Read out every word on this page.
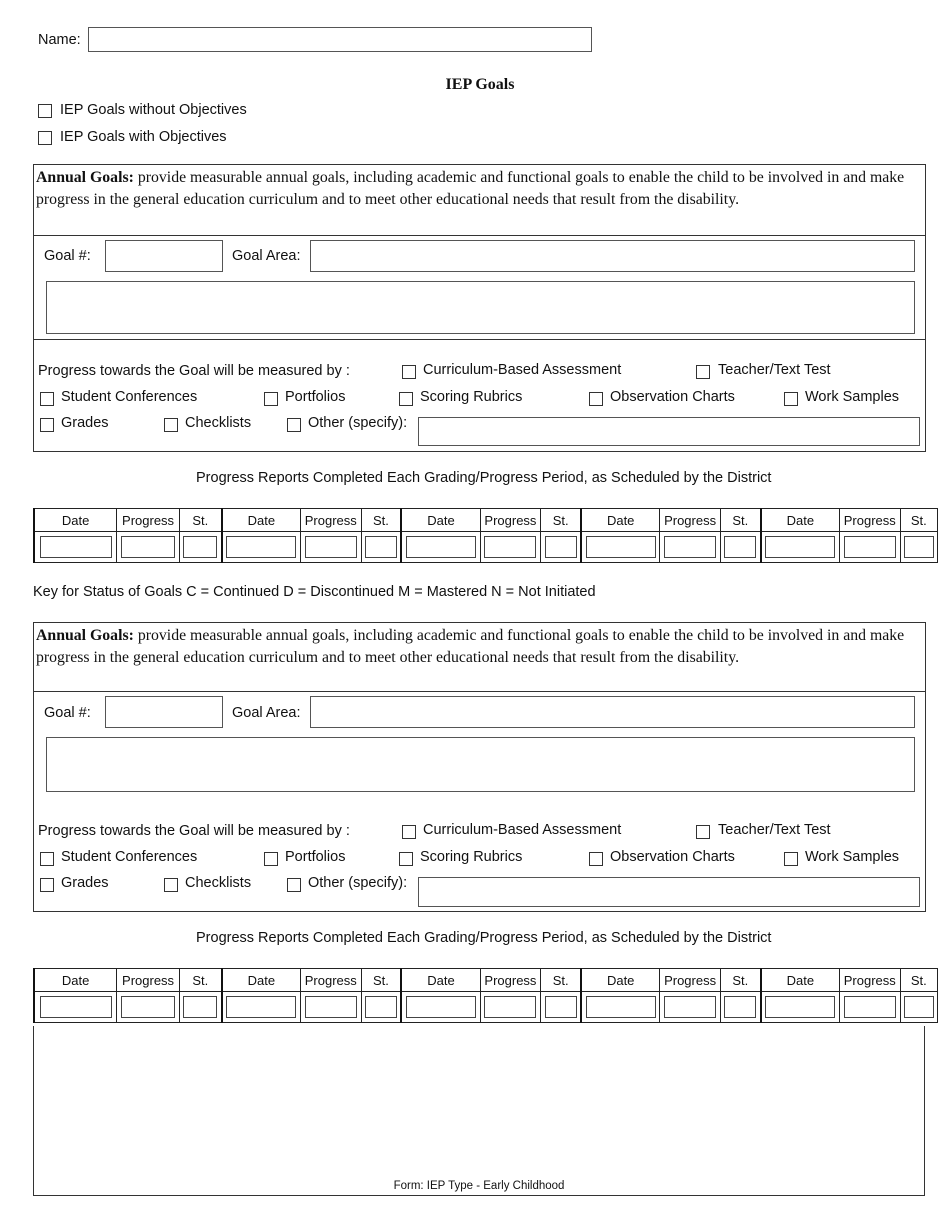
Name:
IEP Goals
IEP Goals without Objectives
IEP Goals with Objectives
Annual Goals: provide measurable annual goals, including academic and functional goals to enable the child to be involved in and make progress in the general education curriculum and to meet other educational needs that result from the disability.
Goal #:	Goal Area:
Progress towards the Goal will be measured by :	Curriculum-Based Assessment	Teacher/Text Test
Student Conferences	Portfolios	Scoring Rubrics	Observation Charts	Work Samples
Grades	Checklists	Other (specify):
Progress Reports Completed Each Grading/Progress Period, as Scheduled by the District
Date	Progress	St.	Date	Progress	St.	Date	Progress	St.	Date	Progress	St.	Date	Progress	St.

Key for Status of Goals C = Continued D = Discontinued M = Mastered N = Not Initiated
Annual Goals: provide measurable annual goals, including academic and functional goals to enable the child to be involved in and make progress in the general education curriculum and to meet other educational needs that result from the disability.
Goal #:	Goal Area:
Progress towards the Goal will be measured by :	Curriculum-Based Assessment	Teacher/Text Test
Student Conferences	Portfolios	Scoring Rubrics	Observation Charts	Work Samples
Grades	Checklists	Other (specify):
Progress Reports Completed Each Grading/Progress Period, as Scheduled by the District
Date	Progress	St.	Date	Progress	St.	Date	Progress	St.	Date	Progress	St.	Date	Progress	St.

Form: IEP Type - Early Childhood
